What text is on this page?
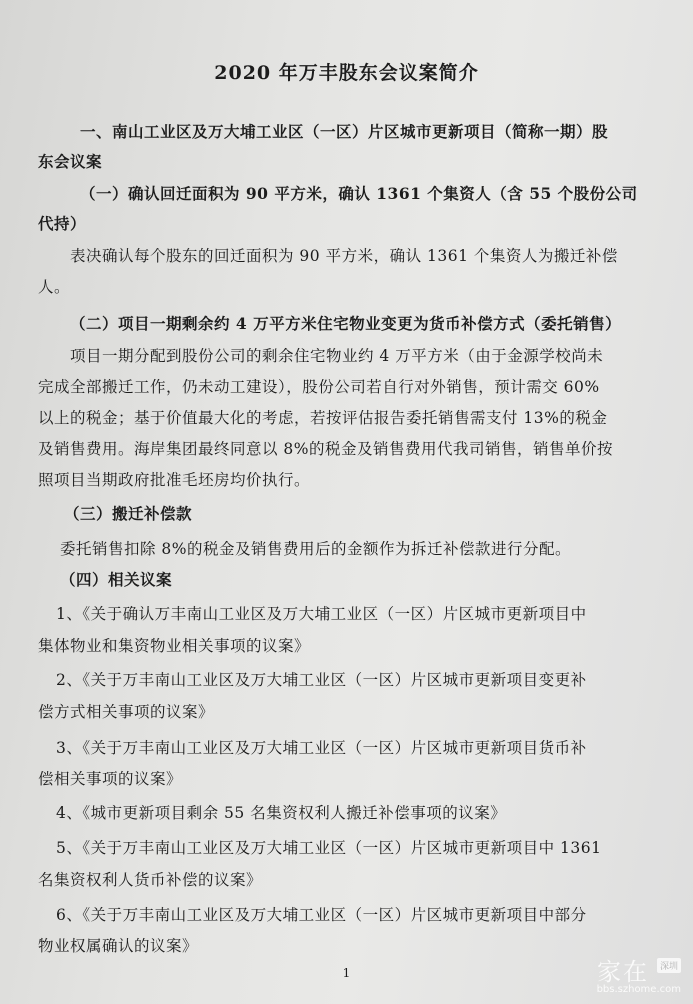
2020 年万丰股东会议案简介
一、南山工业区及万大埔工业区（一区）片区城市更新项目（简称一期）股
东会议案
（一）确认回迁面积为 90 平方米，确认 1361 个集资人（含 55 个股份公司
代持）
表决确认每个股东的回迁面积为 90 平方米，确认 1361 个集资人为搬迁补偿
人。
（二）项目一期剩余约 4 万平方米住宅物业变更为货币补偿方式（委托销售）
项目一期分配到股份公司的剩余住宅物业约 4 万平方米（由于金源学校尚未
完成全部搬迁工作，仍未动工建设），股份公司若自行对外销售，预计需交 60%
以上的税金；基于价值最大化的考虑，若按评估报告委托销售需支付 13%的税金
及销售费用。海岸集团最终同意以 8%的税金及销售费用代我司销售，销售单价按
照项目当期政府批准毛坯房均价执行。
（三）搬迁补偿款
委托销售扣除 8%的税金及销售费用后的金额作为拆迁补偿款进行分配。
（四）相关议案
1、《关于确认万丰南山工业区及万大埔工业区（一区）片区城市更新项目中
集体物业和集资物业相关事项的议案》
2、《关于万丰南山工业区及万大埔工业区（一区）片区城市更新项目变更补
偿方式相关事项的议案》
3、《关于万丰南山工业区及万大埔工业区（一区）片区城市更新项目货币补
偿相关事项的议案》
4、《城市更新项目剩余 55 名集资权利人搬迁补偿事项的议案》
5、《关于万丰南山工业区及万大埔工业区（一区）片区城市更新项目中 1361
名集资权利人货币补偿的议案》
6、《关于万丰南山工业区及万大埔工业区（一区）片区城市更新项目中部分
物业权属确认的议案》
1	家在	深圳
bbs.szhome.com
